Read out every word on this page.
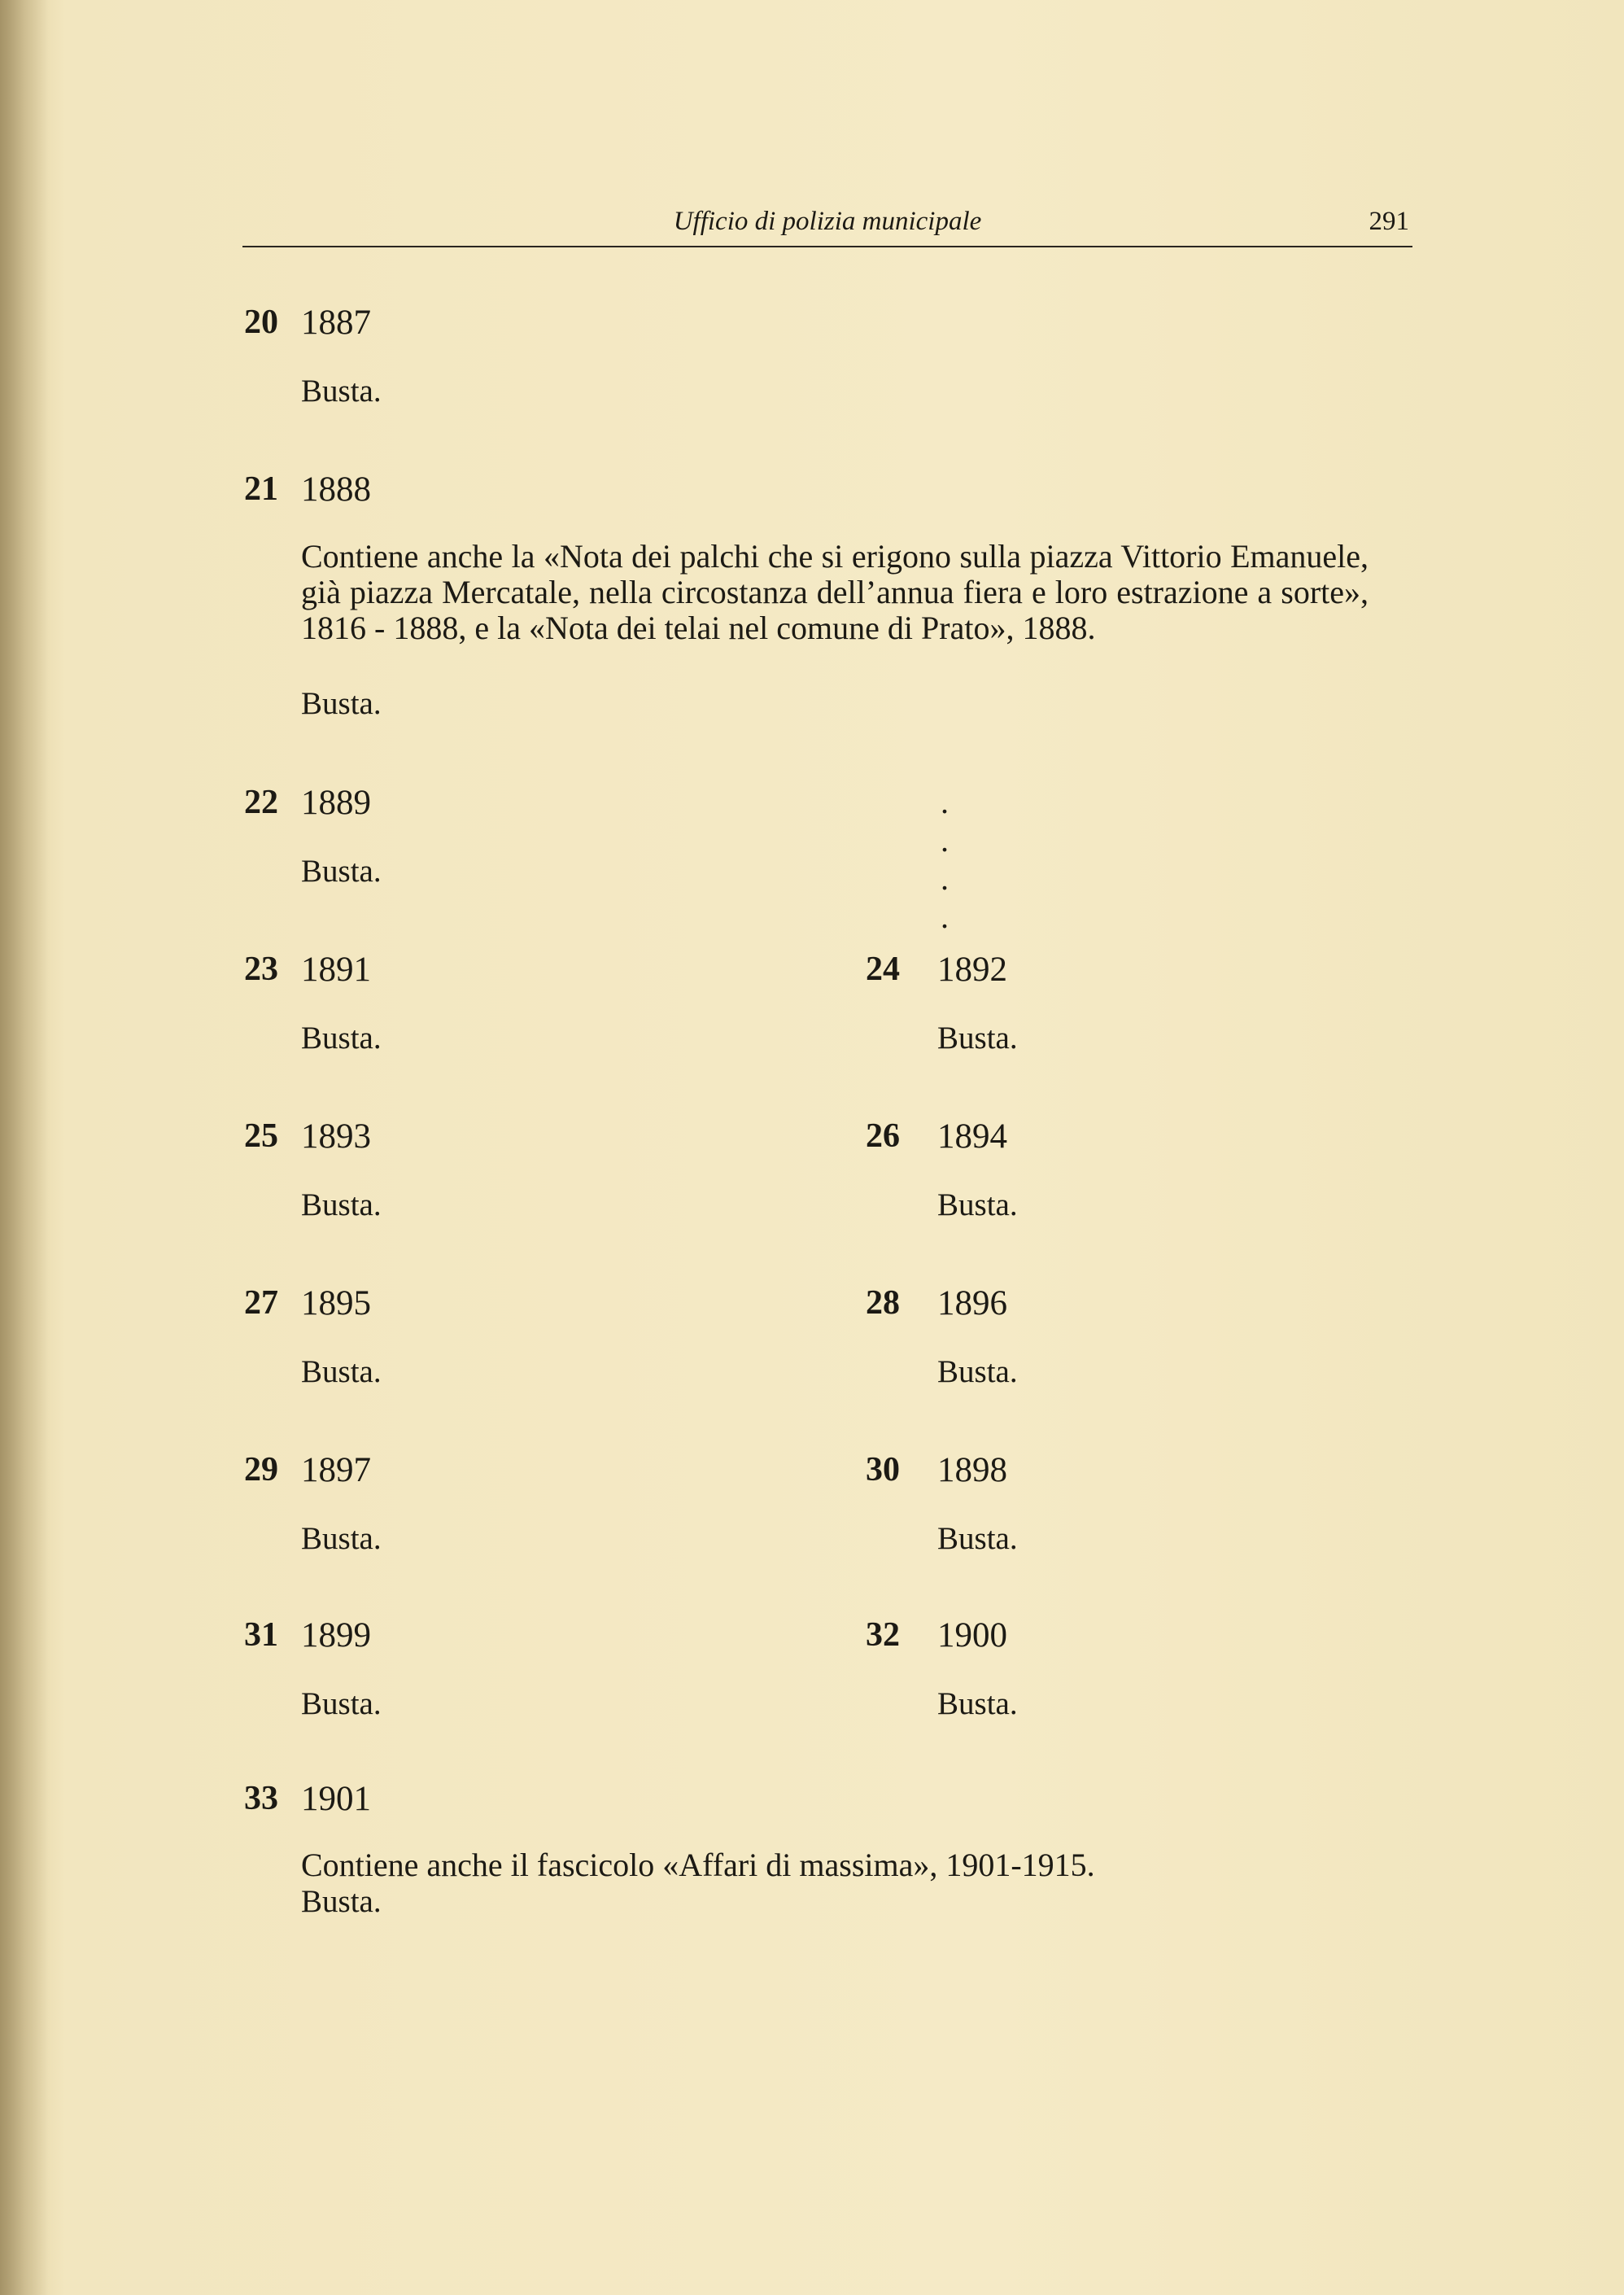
Ufficio di polizia municipale	291
20 1887
Busta.
21 1888
Contiene anche la «Nota dei palchi che si erigono sulla piazza Vittorio Emanuele, già piazza Mercatale, nella circostanza dell’annua fiera e loro estrazione a sorte», 1816 - 1888, e la «Nota dei telai nel comune di Prato», 1888.
Busta.
22 1889	. . . .
Busta.
23 1891
Busta.
24 1892
Busta.
25 1893
Busta.
26 1894
Busta.
27 1895
Busta.
28 1896
Busta.
29 1897
Busta.
30 1898
Busta.
31 1899
Busta.
32 1900
Busta.
33 1901
Contiene anche il fascicolo «Affari di massima», 1901-1915.
Busta.
